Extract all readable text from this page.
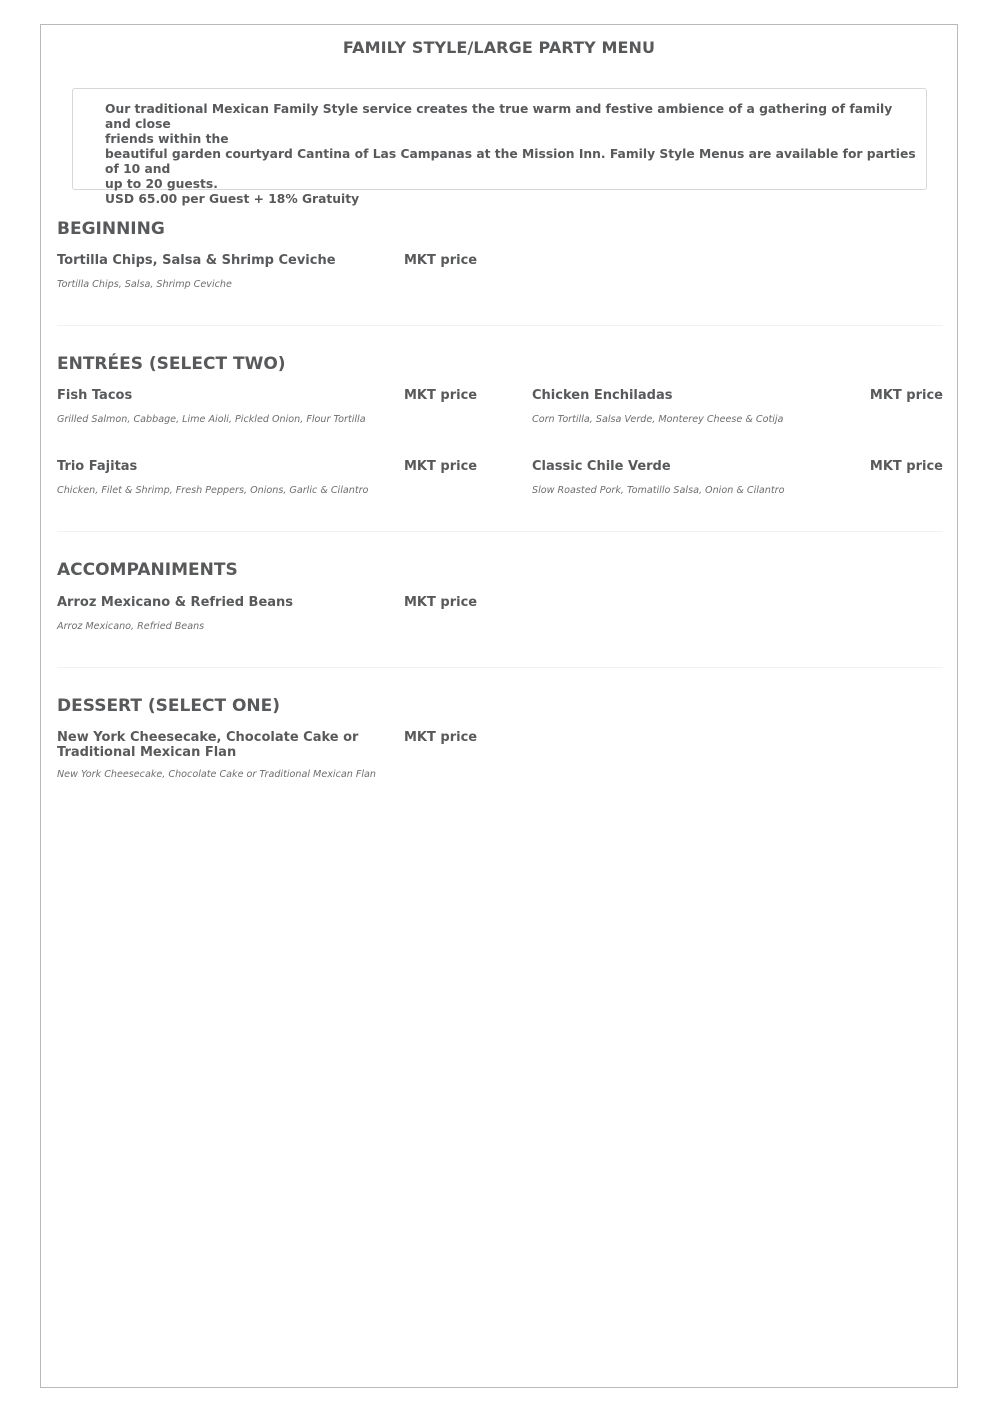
FAMILY STYLE/LARGE PARTY MENU
Our traditional Mexican Family Style service creates the true warm and festive ambience of a gathering of family and close
friends within the
beautiful garden courtyard Cantina of Las Campanas at the Mission Inn. Family Style Menus are available for parties of 10 and
up to 20 guests.
USD 65.00 per Guest + 18% Gratuity
BEGINNING
Tortilla Chips, Salsa & Shrimp Ceviche	MKT price
Tortilla Chips, Salsa, Shrimp Ceviche
ENTRÉES (SELECT TWO)
Fish Tacos	MKT price
Grilled Salmon, Cabbage, Lime Aioli, Pickled Onion, Flour Tortilla
Chicken Enchiladas	MKT price
Corn Tortilla, Salsa Verde, Monterey Cheese & Cotija
Trio Fajitas	MKT price
Chicken, Filet & Shrimp, Fresh Peppers, Onions, Garlic & Cilantro
Classic Chile Verde	MKT price
Slow Roasted Pork, Tomatillo Salsa, Onion & Cilantro
ACCOMPANIMENTS
Arroz Mexicano & Refried Beans	MKT price
Arroz Mexicano, Refried Beans
DESSERT (SELECT ONE)
New York Cheesecake, Chocolate Cake or Traditional Mexican Flan
MKT price
New York Cheesecake, Chocolate Cake or Traditional Mexican Flan
